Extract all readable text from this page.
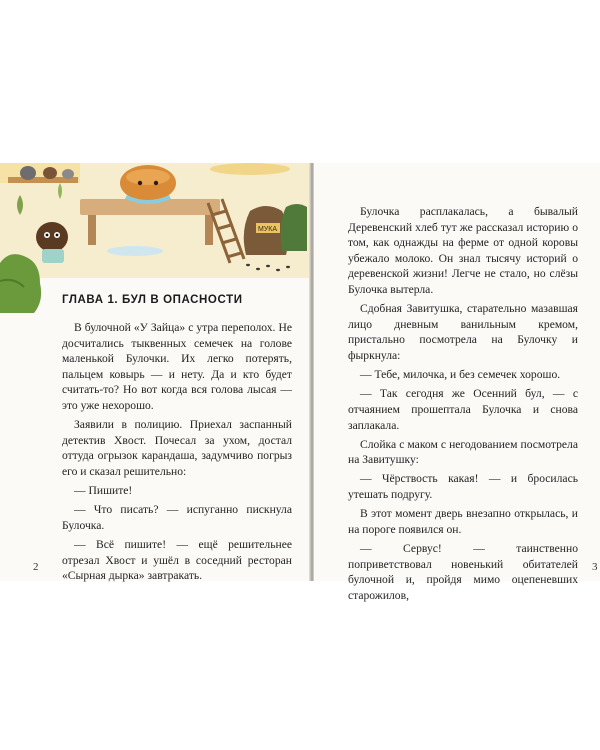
МУКА
ГЛАВА 1. БУЛ В ОПАСНОСТИ

В булочной «У Зайца» с утра переполох. Не досчитались тыквенных семечек на голове маленькой Булочки. Их легко потерять, пальцем ковырь — и нету. Да и кто будет считать-то? Но вот когда вся голова лысая — это уже нехорошо.

Заявили в полицию. Приехал заспанный детектив Хвост. Почесал за ухом, достал оттуда огрызок карандаша, задумчиво погрыз его и сказал решительно:

— Пишите!

— Что писать? — испуганно пискнула Булочка.

— Всё пишите! — ещё решительнее отрезал Хвост и ушёл в соседний ресторан «Сырная дырка» завтракать.

2

Булочка расплакалась, а бывалый Деревенский хлеб тут же рассказал историю о том, как однажды на ферме от одной коровы убежало молоко. Он знал тысячу историй о деревенской жизни! Легче не стало, но слёзы Булочка вытерла.

Сдобная Завитушка, старательно мазавшая лицо дневным ванильным кремом, пристально посмотрела на Булочку и фыркнула:

— Тебе, милочка, и без семечек хорошо.

— Так сегодня же Осенний бул, — с отчаянием прошептала Булочка и снова заплакала.

Слойка с маком с негодованием посмотрела на Завитушку:

— Чёрствость какая! — и бросилась утешать подругу.

В этот момент дверь внезапно открылась, и на пороге появился он.

— Сервус! — таинственно поприветствовал новенький обитателей булочной и, пройдя мимо оцепеневших старожилов,

3
